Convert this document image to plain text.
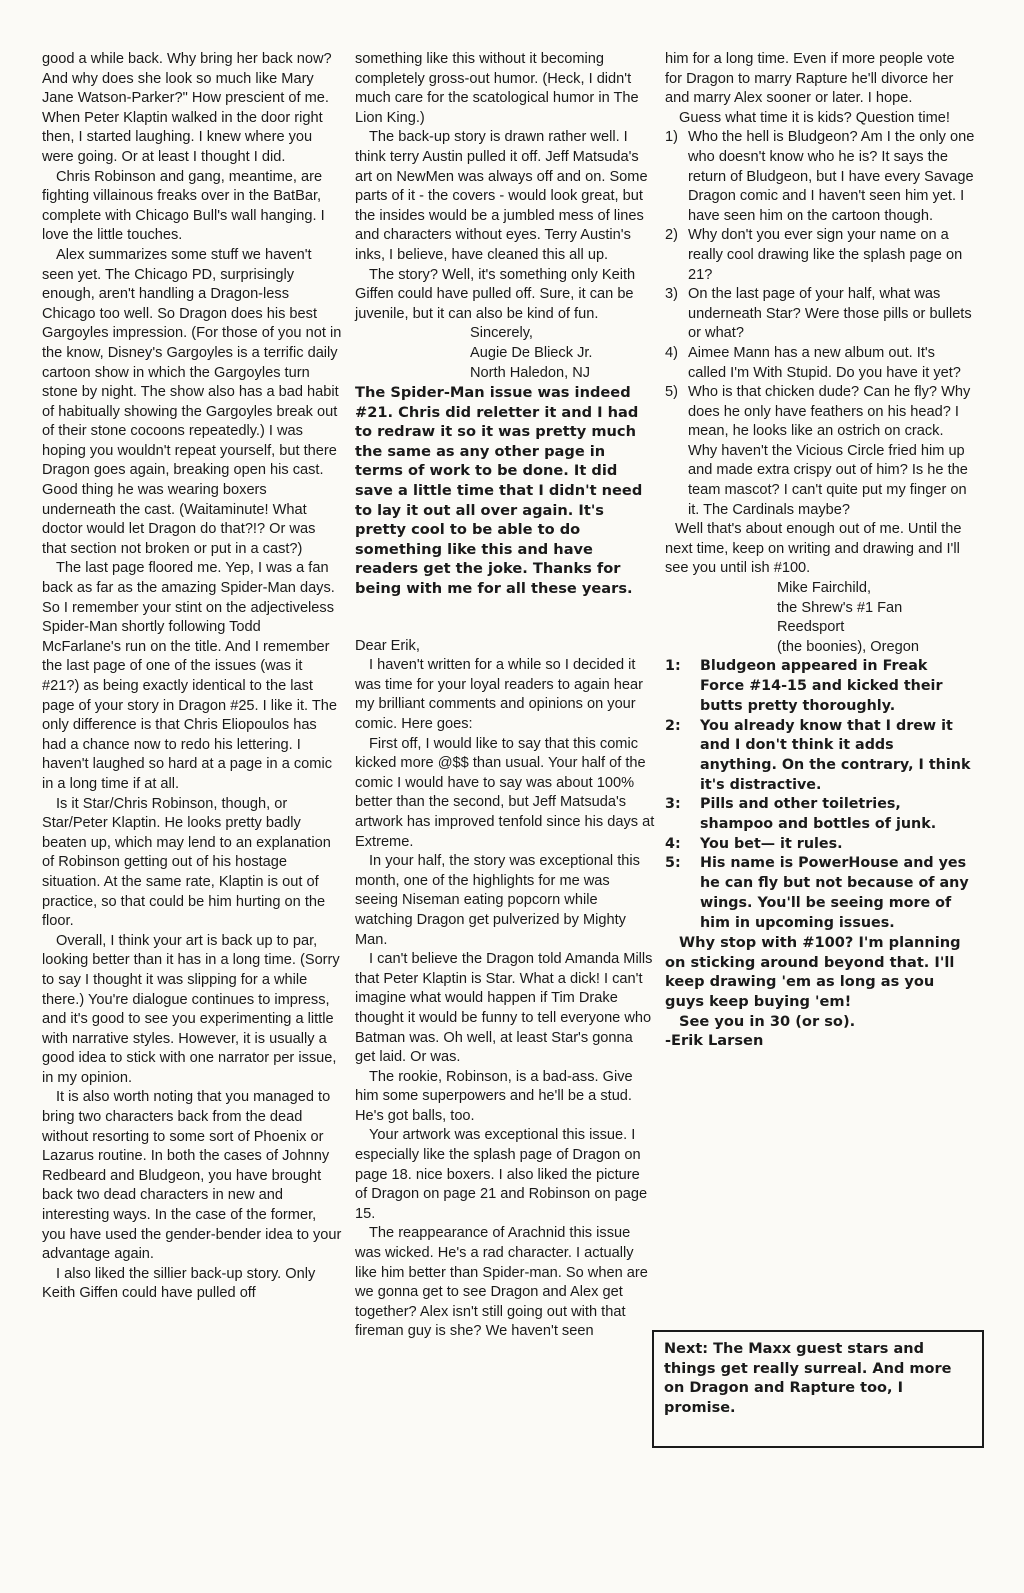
good a while back. Why bring her back now? And why does she look so much like Mary Jane Watson-Parker?" How prescient of me. When Peter Klaptin walked in the door right then, I started laughing. I knew where you were going. Or at least I thought I did.

Chris Robinson and gang, meantime, are fighting villainous freaks over in the BatBar, complete with Chicago Bull's wall hanging. I love the little touches.

Alex summarizes some stuff we haven't seen yet. The Chicago PD, surprisingly enough, aren't handling a Dragon-less Chicago too well. So Dragon does his best Gargoyles impression. (For those of you not in the know, Disney's Gargoyles is a terrific daily cartoon show in which the Gargoyles turn stone by night. The show also has a bad habit of habitually showing the Gargoyles break out of their stone cocoons repeatedly.) I was hoping you wouldn't repeat yourself, but there Dragon goes again, breaking open his cast. Good thing he was wearing boxers underneath the cast. (Waitaminute! What doctor would let Dragon do that?!? Or was that section not broken or put in a cast?)

The last page floored me. Yep, I was a fan back as far as the amazing Spider-Man days. So I remember your stint on the adjectiveless Spider-Man shortly following Todd McFarlane's run on the title. And I remember the last page of one of the issues (was it #21?) as being exactly identical to the last page of your story in Dragon #25. I like it. The only difference is that Chris Eliopoulos has had a chance now to redo his lettering. I haven't laughed so hard at a page in a comic in a long time if at all.

Is it Star/Chris Robinson, though, or Star/Peter Klaptin. He looks pretty badly beaten up, which may lend to an explanation of Robinson getting out of his hostage situation. At the same rate, Klaptin is out of practice, so that could be him hurting on the floor.

Overall, I think your art is back up to par, looking better than it has in a long time. (Sorry to say I thought it was slipping for a while there.) You're dialogue continues to impress, and it's good to see you experimenting a little with narrative styles. However, it is usually a good idea to stick with one narrator per issue, in my opinion.

It is also worth noting that you managed to bring two characters back from the dead without resorting to some sort of Phoenix or Lazarus routine. In both the cases of Johnny Redbeard and Bludgeon, you have brought back two dead characters in new and interesting ways. In the case of the former, you have used the gender-bender idea to your advantage again.

I also liked the sillier back-up story. Only Keith Giffen could have pulled off

something like this without it becoming completely gross-out humor. (Heck, I didn't much care for the scatological humor in The Lion King.)

The back-up story is drawn rather well. I think terry Austin pulled it off. Jeff Matsuda's art on NewMen was always off and on. Some parts of it - the covers - would look great, but the insides would be a jumbled mess of lines and characters without eyes. Terry Austin's inks, I believe, have cleaned this all up.

The story? Well, it's something only Keith Giffen could have pulled off. Sure, it can be juvenile, but it can also be kind of fun.

Sincerely,

Augie De Blieck Jr.

North Haledon, NJ

The Spider-Man issue was indeed #21. Chris did reletter it and I had to redraw it so it was pretty much the same as any other page in terms of work to be done. It did save a little time that I didn't need to lay it out all over again. It's pretty cool to be able to do something like this and have readers get the joke. Thanks for being with me for all these years.

Dear Erik,

I haven't written for a while so I decided it was time for your loyal readers to again hear my brilliant comments and opinions on your comic. Here goes:

First off, I would like to say that this comic kicked more @$$ than usual. Your half of the comic I would have to say was about 100% better than the second, but Jeff Matsuda's artwork has improved tenfold since his days at Extreme.

In your half, the story was exceptional this month, one of the highlights for me was seeing Niseman eating popcorn while watching Dragon get pulverized by Mighty Man.

I can't believe the Dragon told Amanda Mills that Peter Klaptin is Star. What a dick! I can't imagine what would happen if Tim Drake thought it would be funny to tell everyone who Batman was. Oh well, at least Star's gonna get laid. Or was.

The rookie, Robinson, is a bad-ass. Give him some superpowers and he'll be a stud. He's got balls, too.

Your artwork was exceptional this issue. I especially like the splash page of Dragon on page 18. nice boxers. I also liked the picture of Dragon on page 21 and Robinson on page 15.

The reappearance of Arachnid this issue was wicked. He's a rad character. I actually like him better than Spider-man. So when are we gonna get to see Dragon and Alex get together? Alex isn't still going out with that fireman guy is she? We haven't seen

him for a long time. Even if more people vote for Dragon to marry Rapture he'll divorce her and marry Alex sooner or later. I hope.

Guess what time it is kids? Question time!

1) Who the hell is Bludgeon? Am I the only one who doesn't know who he is? It says the return of Bludgeon, but I have every Savage Dragon comic and I haven't seen him yet. I have seen him on the cartoon though.
2) Why don't you ever sign your name on a really cool drawing like the splash page on 21?
3) On the last page of your half, what was underneath Star? Were those pills or bullets or what?
4) Aimee Mann has a new album out. It's called I'm With Stupid. Do you have it yet?
5) Who is that chicken dude? Can he fly? Why does he only have feathers on his head? I mean, he looks like an ostrich on crack. Why haven't the Vicious Circle fried him up and made extra crispy out of him? Is he the team mascot? I can't quite put my finger on it. The Cardinals maybe?

Well that's about enough out of me. Until the next time, keep on writing and drawing and I'll see you until ish #100.

Mike Fairchild,

the Shrew's #1 Fan

Reedsport

(the boonies), Oregon

1: Bludgeon appeared in Freak Force #14-15 and kicked their butts pretty thoroughly.
2: You already know that I drew it and I don't think it adds anything. On the contrary, I think it's distractive.
3: Pills and other toiletries, shampoo and bottles of junk.
4: You bet— it rules.
5: His name is PowerHouse and yes he can fly but not because of any wings. You'll be seeing more of him in upcoming issues.

Why stop with #100? I'm planning on sticking around beyond that. I'll keep drawing 'em as long as you guys keep buying 'em!

See you in 30 (or so).

-Erik Larsen

Next: The Maxx guest stars and things get really surreal. And more on Dragon and Rapture too, I promise.
